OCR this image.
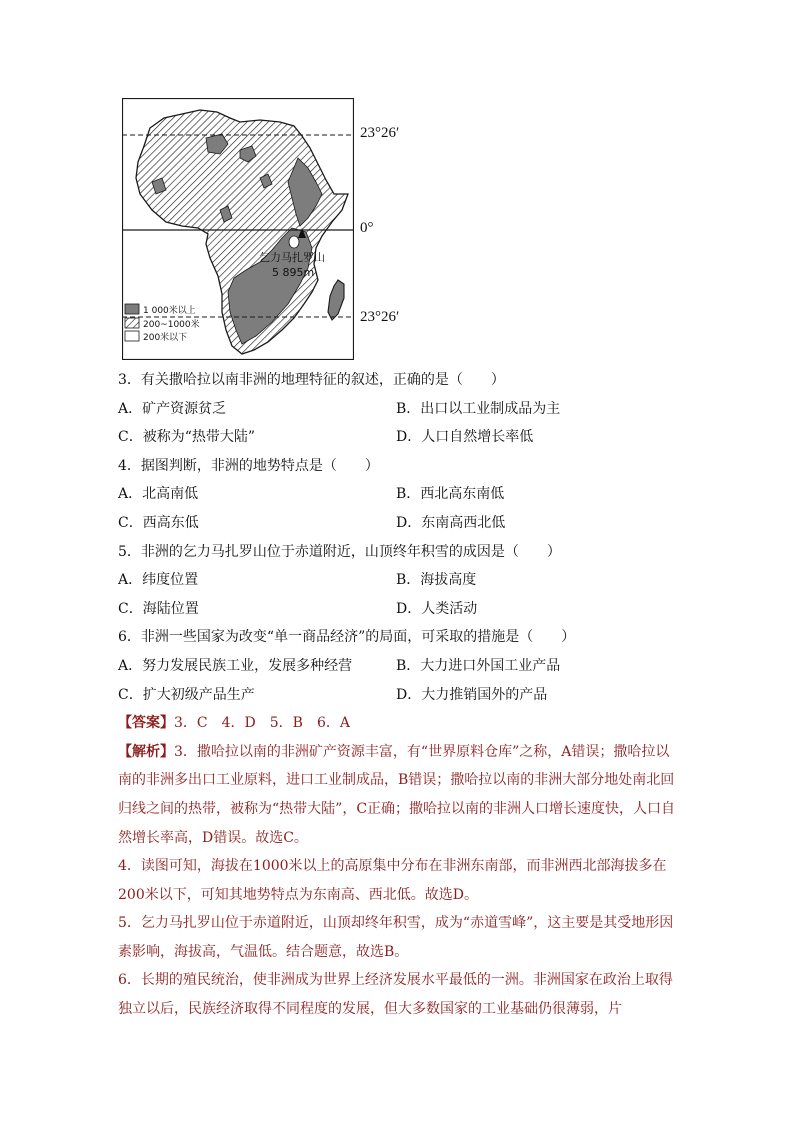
乞力马扎罗山
5 895m
1 000米以上
200~1000米
200米以下
23°26′
0°
23°26′
3．有关撒哈拉以南非洲的地理特征的叙述，正确的是（　　）
A．矿产资源贫乏	B．出口以工业制成品为主
C．被称为“热带大陆”	D．人口自然增长率低
4．据图判断，非洲的地势特点是（　　）
A．北高南低	B．西北高东南低
C．西高东低	D．东南高西北低
5．非洲的乞力马扎罗山位于赤道附近，山顶终年积雪的成因是（　　）
A．纬度位置	B．海拔高度
C．海陆位置	D．人类活动
6．非洲一些国家为改变“单一商品经济”的局面，可采取的措施是（　　）
A．努力发展民族工业，发展多种经营	B．大力进口外国工业产品
C．扩大初级产品生产	D．大力推销国外的产品
【答案】3．C　4．D　5．B　6．A

【解析】3．撒哈拉以南的非洲矿产资源丰富，有“世界原料仓库”之称，A错误；撒哈拉以南的非洲多出口工业原料，进口工业制成品，B错误；撒哈拉以南的非洲大部分地处南北回归线之间的热带，被称为“热带大陆”，C正确；撒哈拉以南的非洲人口增长速度快，人口自然增长率高，D错误。故选C。

4．读图可知，海拔在1000米以上的高原集中分布在非洲东南部，而非洲西北部海拔多在200米以下，可知其地势特点为东南高、西北低。故选D。

5．乞力马扎罗山位于赤道附近，山顶却终年积雪，成为“赤道雪峰”，这主要是其受地形因素影响，海拔高，气温低。结合题意，故选B。

6．长期的殖民统治，使非洲成为世界上经济发展水平最低的一洲。非洲国家在政治上取得独立以后，民族经济取得不同程度的发展，但大多数国家的工业基础仍很薄弱，片
